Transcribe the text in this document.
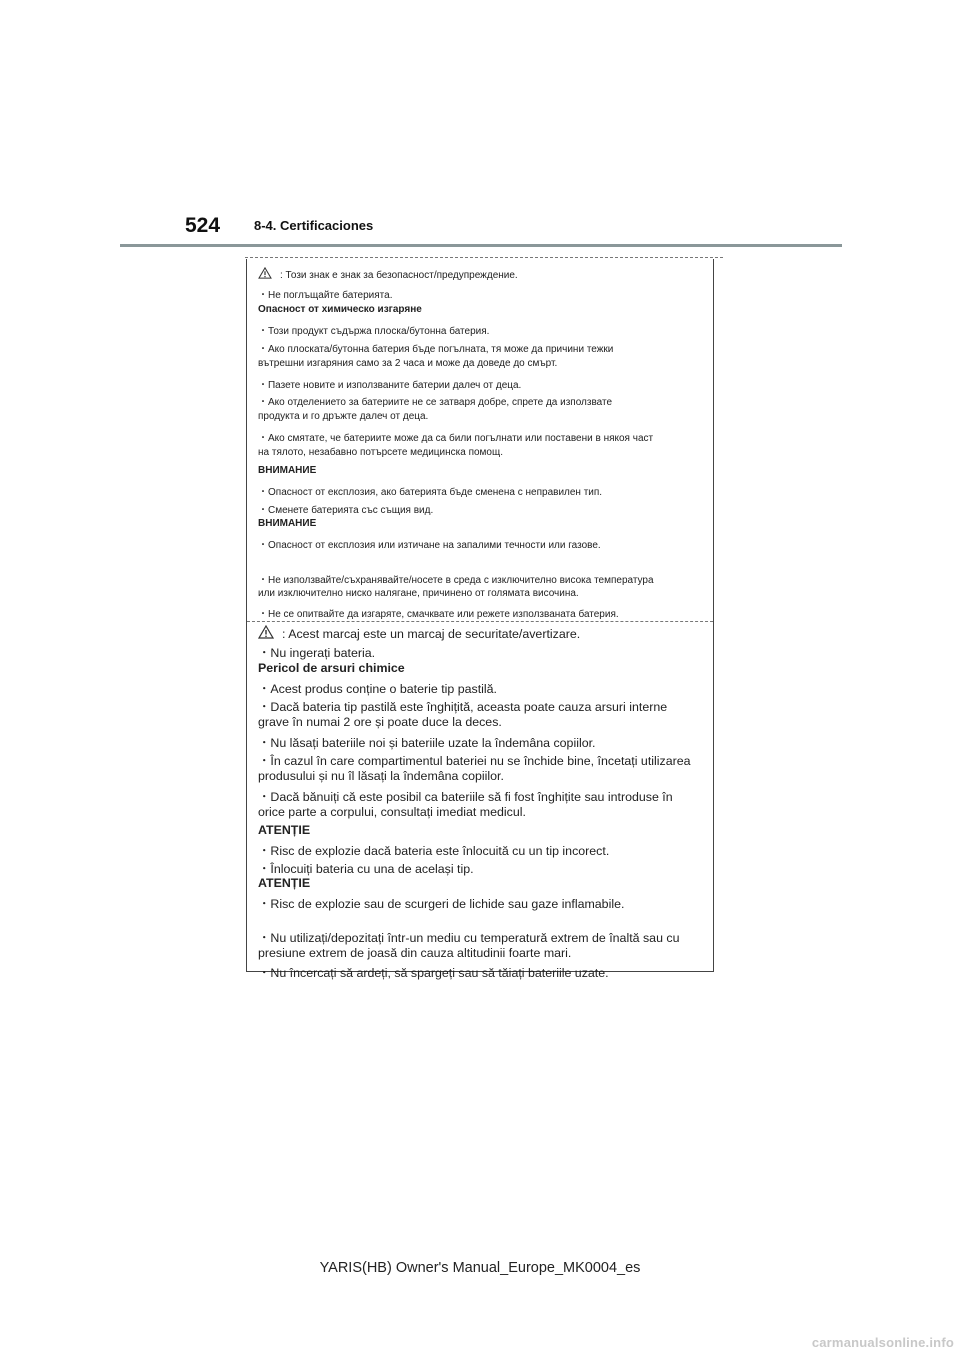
524	8-4. Certificaciones
: Този знак е знак за безопасност/предупреждение.
・Не поглъщайте батерията.
Опасност от химическо изгаряне
・Този продукт съдържа плоска/бутонна батерия.
・Ако плоската/бутонна батерия бъде погълната, тя може да причини тежки
вътрешни изгаряния само за 2 часа и може да доведе до смърт.
・Пазете новите и използваните батерии далеч от деца.
・Ако отделението за батериите не се затваря добре, спрете да използвате
продукта и го дръжте далеч от деца.
・Ако смятате, че батериите може да са били погълнати или поставени в някоя част
на тялото, незабавно потърсете медицинска помощ.
ВНИМАНИЕ
・Опасност от експлозия, ако батерията бъде сменена с неправилен тип.
・Сменете батерията със същия вид.
ВНИМАНИЕ
・Опасност от експлозия или изтичане на запалими течности или газове.
・Не използвайте/съхранявайте/носете в среда с изключително висока температура
или изключително ниско налягане, причинено от голямата височина.
・Не се опитвайте да изгаряте, смачквате или режете използваната батерия.
: Acest marcaj este un marcaj de securitate/avertizare.
・Nu ingerați bateria.
Pericol de arsuri chimice
・Acest produs conține o baterie tip pastilă.
・Dacă bateria tip pastilă este înghițită, aceasta poate cauza arsuri interne
grave în numai 2 ore și poate duce la deces.
・Nu lăsați bateriile noi și bateriile uzate la îndemâna copiilor.
・În cazul în care compartimentul bateriei nu se închide bine, încetați utilizarea
produsului și nu îl lăsați la îndemâna copiilor.
・Dacă bănuiți că este posibil ca bateriile să fi fost înghițite sau introduse în
orice parte a corpului, consultați imediat medicul.
ATENȚIE
・Risc de explozie dacă bateria este înlocuită cu un tip incorect.
・Înlocuiți bateria cu una de același tip.
ATENȚIE
・Risc de explozie sau de scurgeri de lichide sau gaze inflamabile.
・Nu utilizați/depozitați într-un mediu cu temperatură extrem de înaltă sau cu
presiune extrem de joasă din cauza altitudinii foarte mari.
・Nu încercați să ardeți, să spargeți sau să tăiați bateriile uzate.
YARIS(HB) Owner's Manual_Europe_MK0004_es
carmanualsonline.info
